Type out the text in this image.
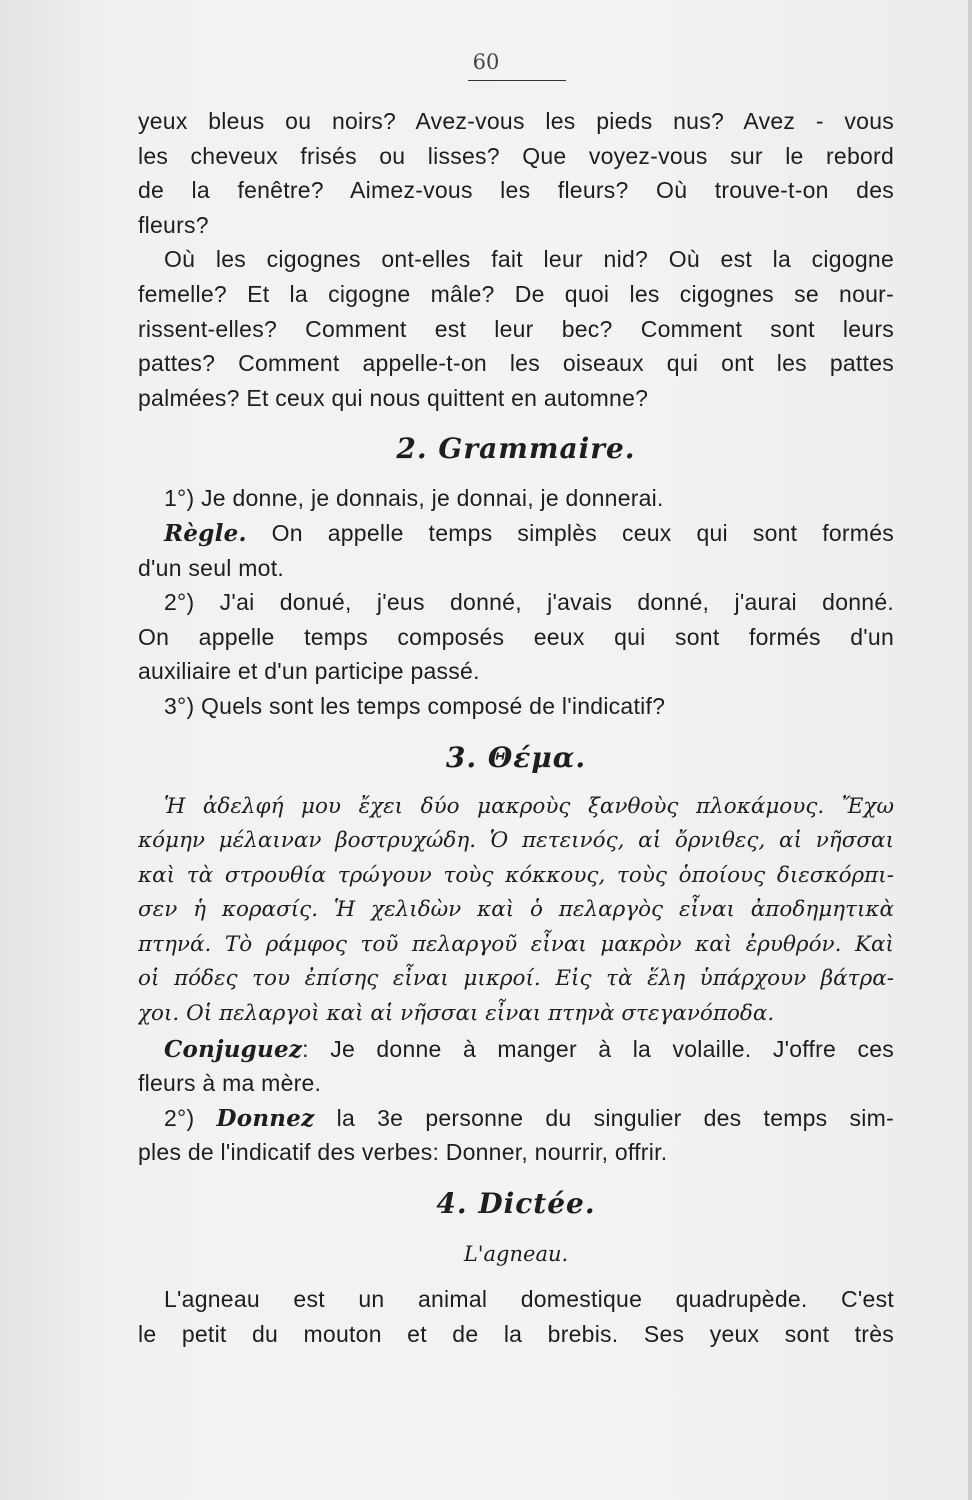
60
yeux bleus ou noirs? Avez-vous les pieds nus? Avez - vous
les cheveux frisés ou lisses? Que voyez-vous sur le rebord
de la fenêtre? Aimez-vous les fleurs? Où trouve-t-on des
fleurs?
Où les cigognes ont-elles fait leur nid? Où est la cigogne
femelle? Et la cigogne mâle? De quoi les cigognes se nour-
rissent-elles? Comment est leur bec? Comment sont leurs
pattes? Comment appelle-t-on les oiseaux qui ont les pattes
palmées? Et ceux qui nous quittent en automne?
2. Grammaire.
1°) Je donne, je donnais, je donnai, je donnerai.
Règle. On appelle temps simplès ceux qui sont formés
d'un seul mot.
2°) J'ai donué, j'eus donné, j'avais donné, j'aurai donné.
On appelle temps composés eeux qui sont formés d'un
auxiliaire et d'un participe passé.
3°) Quels sont les temps composé de l'indicatif?
3. Θέμα.
Ἡ ἀδελφή μου ἔχει δύο μακροὺς ξανθοὺς πλοκάμους. Ἔχω
κόμην μέλαιναν βοστρυχώδη. Ὁ πετεινός, αἱ ὄρνιθες, αἱ νῆσσαι
καὶ τὰ στρουθία τρώγουν τοὺς κόκκους, τοὺς ὁποίους διεσκόρπι-
σεν ἡ κορασίς. Ἡ χελιδὼν καὶ ὁ πελαργὸς εἶναι ἀποδημητικὰ
πτηνά. Τὸ ράμφος τοῦ πελαργοῦ εἶναι μακρὸν καὶ ἐρυθρόν. Καὶ
οἱ πόδες του ἐπίσης εἶναι μικροί. Εἰς τὰ ἕλη ὑπάρχουν βάτρα-
χοι. Οἱ πελαργοὶ καὶ αἱ νῆσσαι εἶναι πτηνὰ στεγανόποδα.
Conjuguez: Je donne à manger à la volaille. J'offre ces
fleurs à ma mère.
2°) Donnez la 3e personne du singulier des temps sim-
ples de l'indicatif des verbes: Donner, nourrir, offrir.
4. Dictée.
L'agneau.
L'agneau est un animal domestique quadrupède. C'est
le petit du mouton et de la brebis. Ses yeux sont très
